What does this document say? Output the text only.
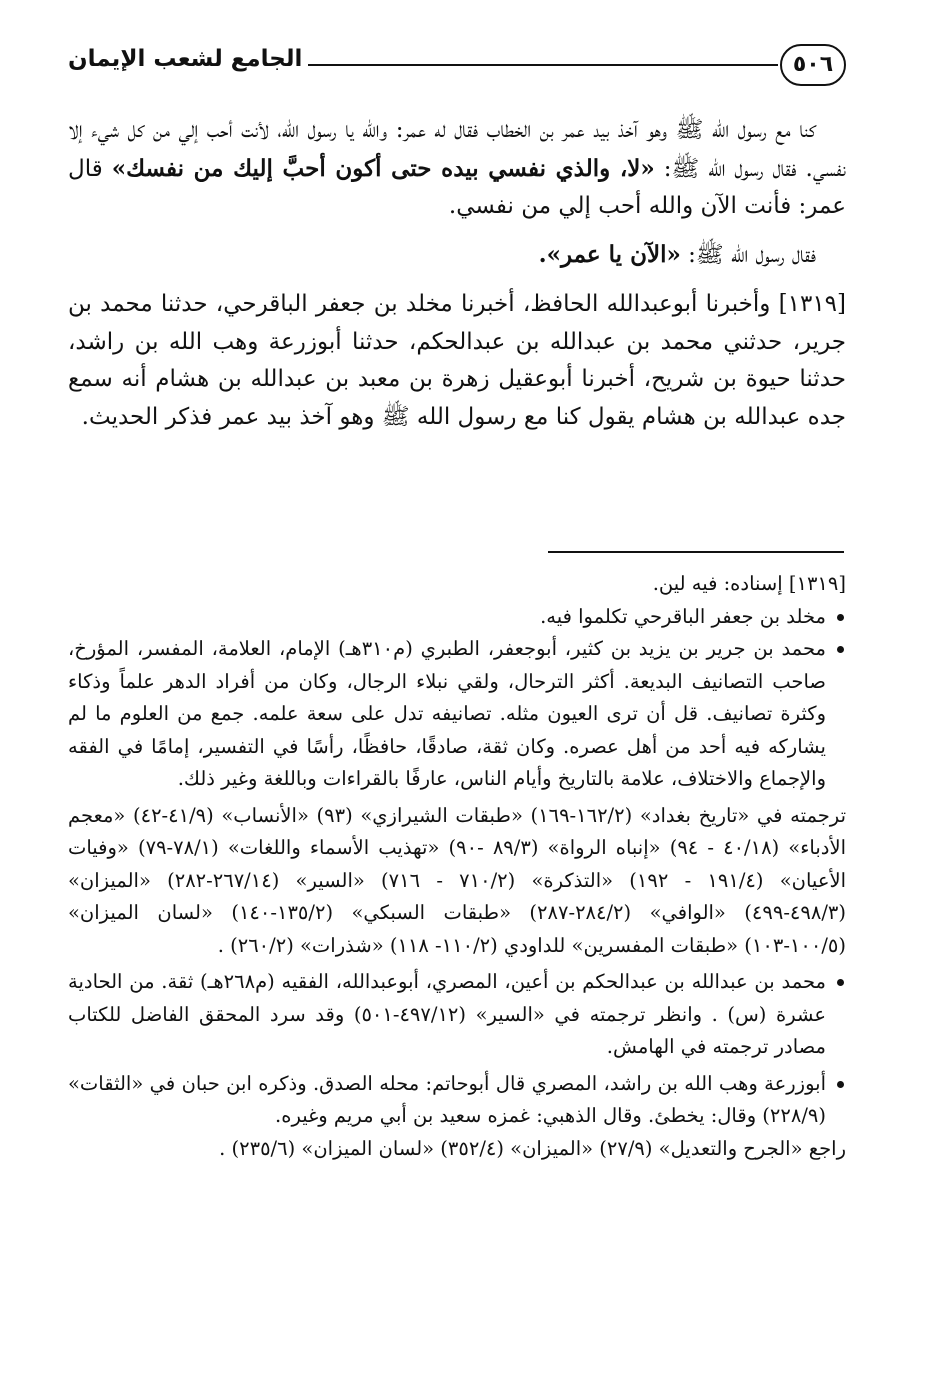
٥٠٦
الجامع لشعب الإيمان

كنا مع رسول الله ﷺ وهو آخذ بيد عمر بن الخطاب فقال له عمر: والله يا رسول الله، لأنت أحب إلي من كل شيء إلا نفسي. فقال رسول الله ﷺ: «لا، والذي نفسي بيده حتى أكون أحبَّ إليك من نفسك» قال عمر: فأنت الآن والله أحب إلي من نفسي.

فقال رسول الله ﷺ: «الآن يا عمر».

[١٣١٩] وأخبرنا أبوعبدالله الحافظ، أخبرنا مخلد بن جعفر الباقرحي، حدثنا محمد بن جرير، حدثني محمد بن عبدالله بن عبدالحكم، حدثنا أبوزرعة وهب الله بن راشد، حدثنا حيوة بن شريح، أخبرنا أبوعقيل زهرة بن معبد بن عبدالله بن هشام أنه سمع جده عبدالله بن هشام يقول كنا مع رسول الله ﷺ وهو آخذ بيد عمر فذكر الحديث.

[١٣١٩] إسناده: فيه لين.

مخلد بن جعفر الباقرحي تكلموا فيه.

محمد بن جرير بن يزيد بن كثير، أبوجعفر، الطبري (م٣١٠هـ) الإمام، العلامة، المفسر، المؤرخ، صاحب التصانيف البديعة. أكثر الترحال، ولقي نبلاء الرجال، وكان من أفراد الدهر علماً وذكاء وكثرة تصانيف. قل أن ترى العيون مثله. تصانيفه تدل على سعة علمه. جمع من العلوم ما لم يشاركه فيه أحد من أهل عصره. وكان ثقة، صادقًا، حافظًا، رأسًا في التفسير، إمامًا في الفقه والإجماع والاختلاف، علامة بالتاريخ وأيام الناس، عارفًا بالقراءات وباللغة وغير ذلك.

ترجمته في «تاريخ بغداد» (١٦٢/٢-١٦٩) «طبقات الشيرازي» (٩٣) «الأنساب» (٤١/٩-٤٢) «معجم الأدباء» (٤٠/١٨ - ٩٤) «إنباه الرواة» (٨٩/٣ -٩٠) «تهذيب الأسماء واللغات» (٧٨/١-٧٩) «وفيات الأعيان» (١٩١/٤ - ١٩٢) «التذكرة» (٧١٠/٢ - ٧١٦) «السير» (٢٦٧/١٤-٢٨٢) «الميزان» (٤٩٨/٣-٤٩٩) «الوافي» (٢٨٤/٢-٢٨٧) «طبقات السبكي» (١٣٥/٢-١٤٠) «لسان الميزان» (١٠٠/٥-١٠٣) «طبقات المفسرين» للداودي (١١٠/٢- ١١٨) «شذرات» (٢٦٠/٢) .

محمد بن عبدالله بن عبدالحكم بن أعين، المصري، أبوعبدالله، الفقيه (م٢٦٨هـ) ثقة. من الحادية عشرة (س) . وانظر ترجمته في «السير» (٤٩٧/١٢-٥٠١) وقد سرد المحقق الفاضل للكتاب مصادر ترجمته في الهامش.

أبوزرعة وهب الله بن راشد، المصري قال أبوحاتم: محله الصدق. وذكره ابن حبان في «الثقات» (٢٢٨/٩) وقال: يخطئ. وقال الذهبي: غمزه سعيد بن أبي مريم وغيره.

راجع «الجرح والتعديل» (٢٧/٩) «الميزان» (٣٥٢/٤) «لسان الميزان» (٢٣٥/٦) .
